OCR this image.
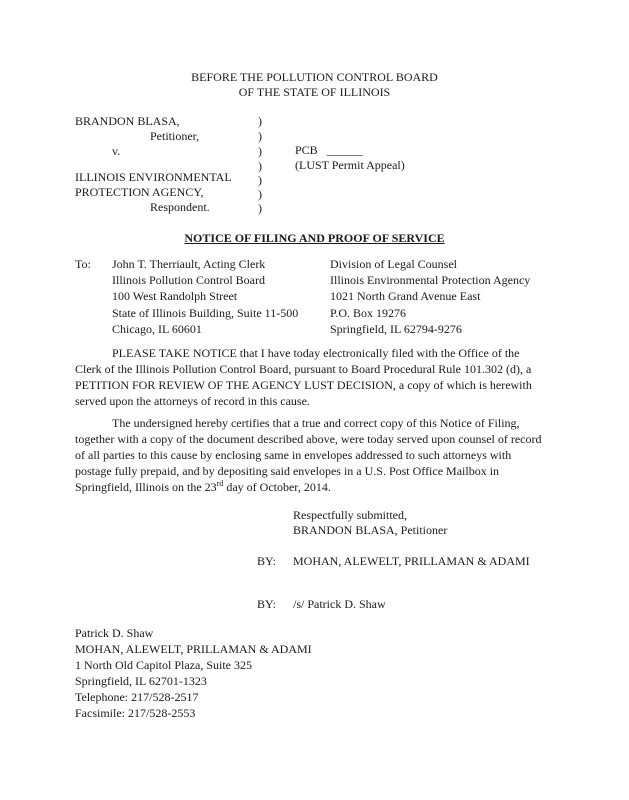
BEFORE THE POLLUTION CONTROL BOARD
OF THE STATE OF ILLINOIS
BRANDON BLASA,
Petitioner,
v.
ILLINOIS ENVIRONMENTAL
PROTECTION AGENCY,
Respondent.
)
)
)
)
)
)
)
PCB ______
(LUST Permit Appeal)
NOTICE OF FILING AND PROOF OF SERVICE
To: John T. Therriault, Acting Clerk
Illinois Pollution Control Board
100 West Randolph Street
State of Illinois Building, Suite 11-500
Chicago, IL 60601
Division of Legal Counsel
Illinois Environmental Protection Agency
1021 North Grand Avenue East
P.O. Box 19276
Springfield, IL 62794-9276
PLEASE TAKE NOTICE that I have today electronically filed with the Office of the
Clerk of the Illinois Pollution Control Board, pursuant to Board Procedural Rule 101.302 (d), a
PETITION FOR REVIEW OF THE AGENCY LUST DECISION, a copy of which is herewith
served upon the attorneys of record in this cause.
The undersigned hereby certifies that a true and correct copy of this Notice of Filing,
together with a copy of the document described above, were today served upon counsel of record
of all parties to this cause by enclosing same in envelopes addressed to such attorneys with
postage fully prepaid, and by depositing said envelopes in a U.S. Post Office Mailbox in
Springfield, Illinois on the 23rd day of October, 2014.
Respectfully submitted,
BRANDON BLASA, Petitioner
BY: MOHAN, ALEWELT, PRILLAMAN & ADAMI
BY: /s/ Patrick D. Shaw
Patrick D. Shaw
MOHAN, ALEWELT, PRILLAMAN & ADAMI
1 North Old Capitol Plaza, Suite 325
Springfield, IL 62701-1323
Telephone: 217/528-2517
Facsimile: 217/528-2553
